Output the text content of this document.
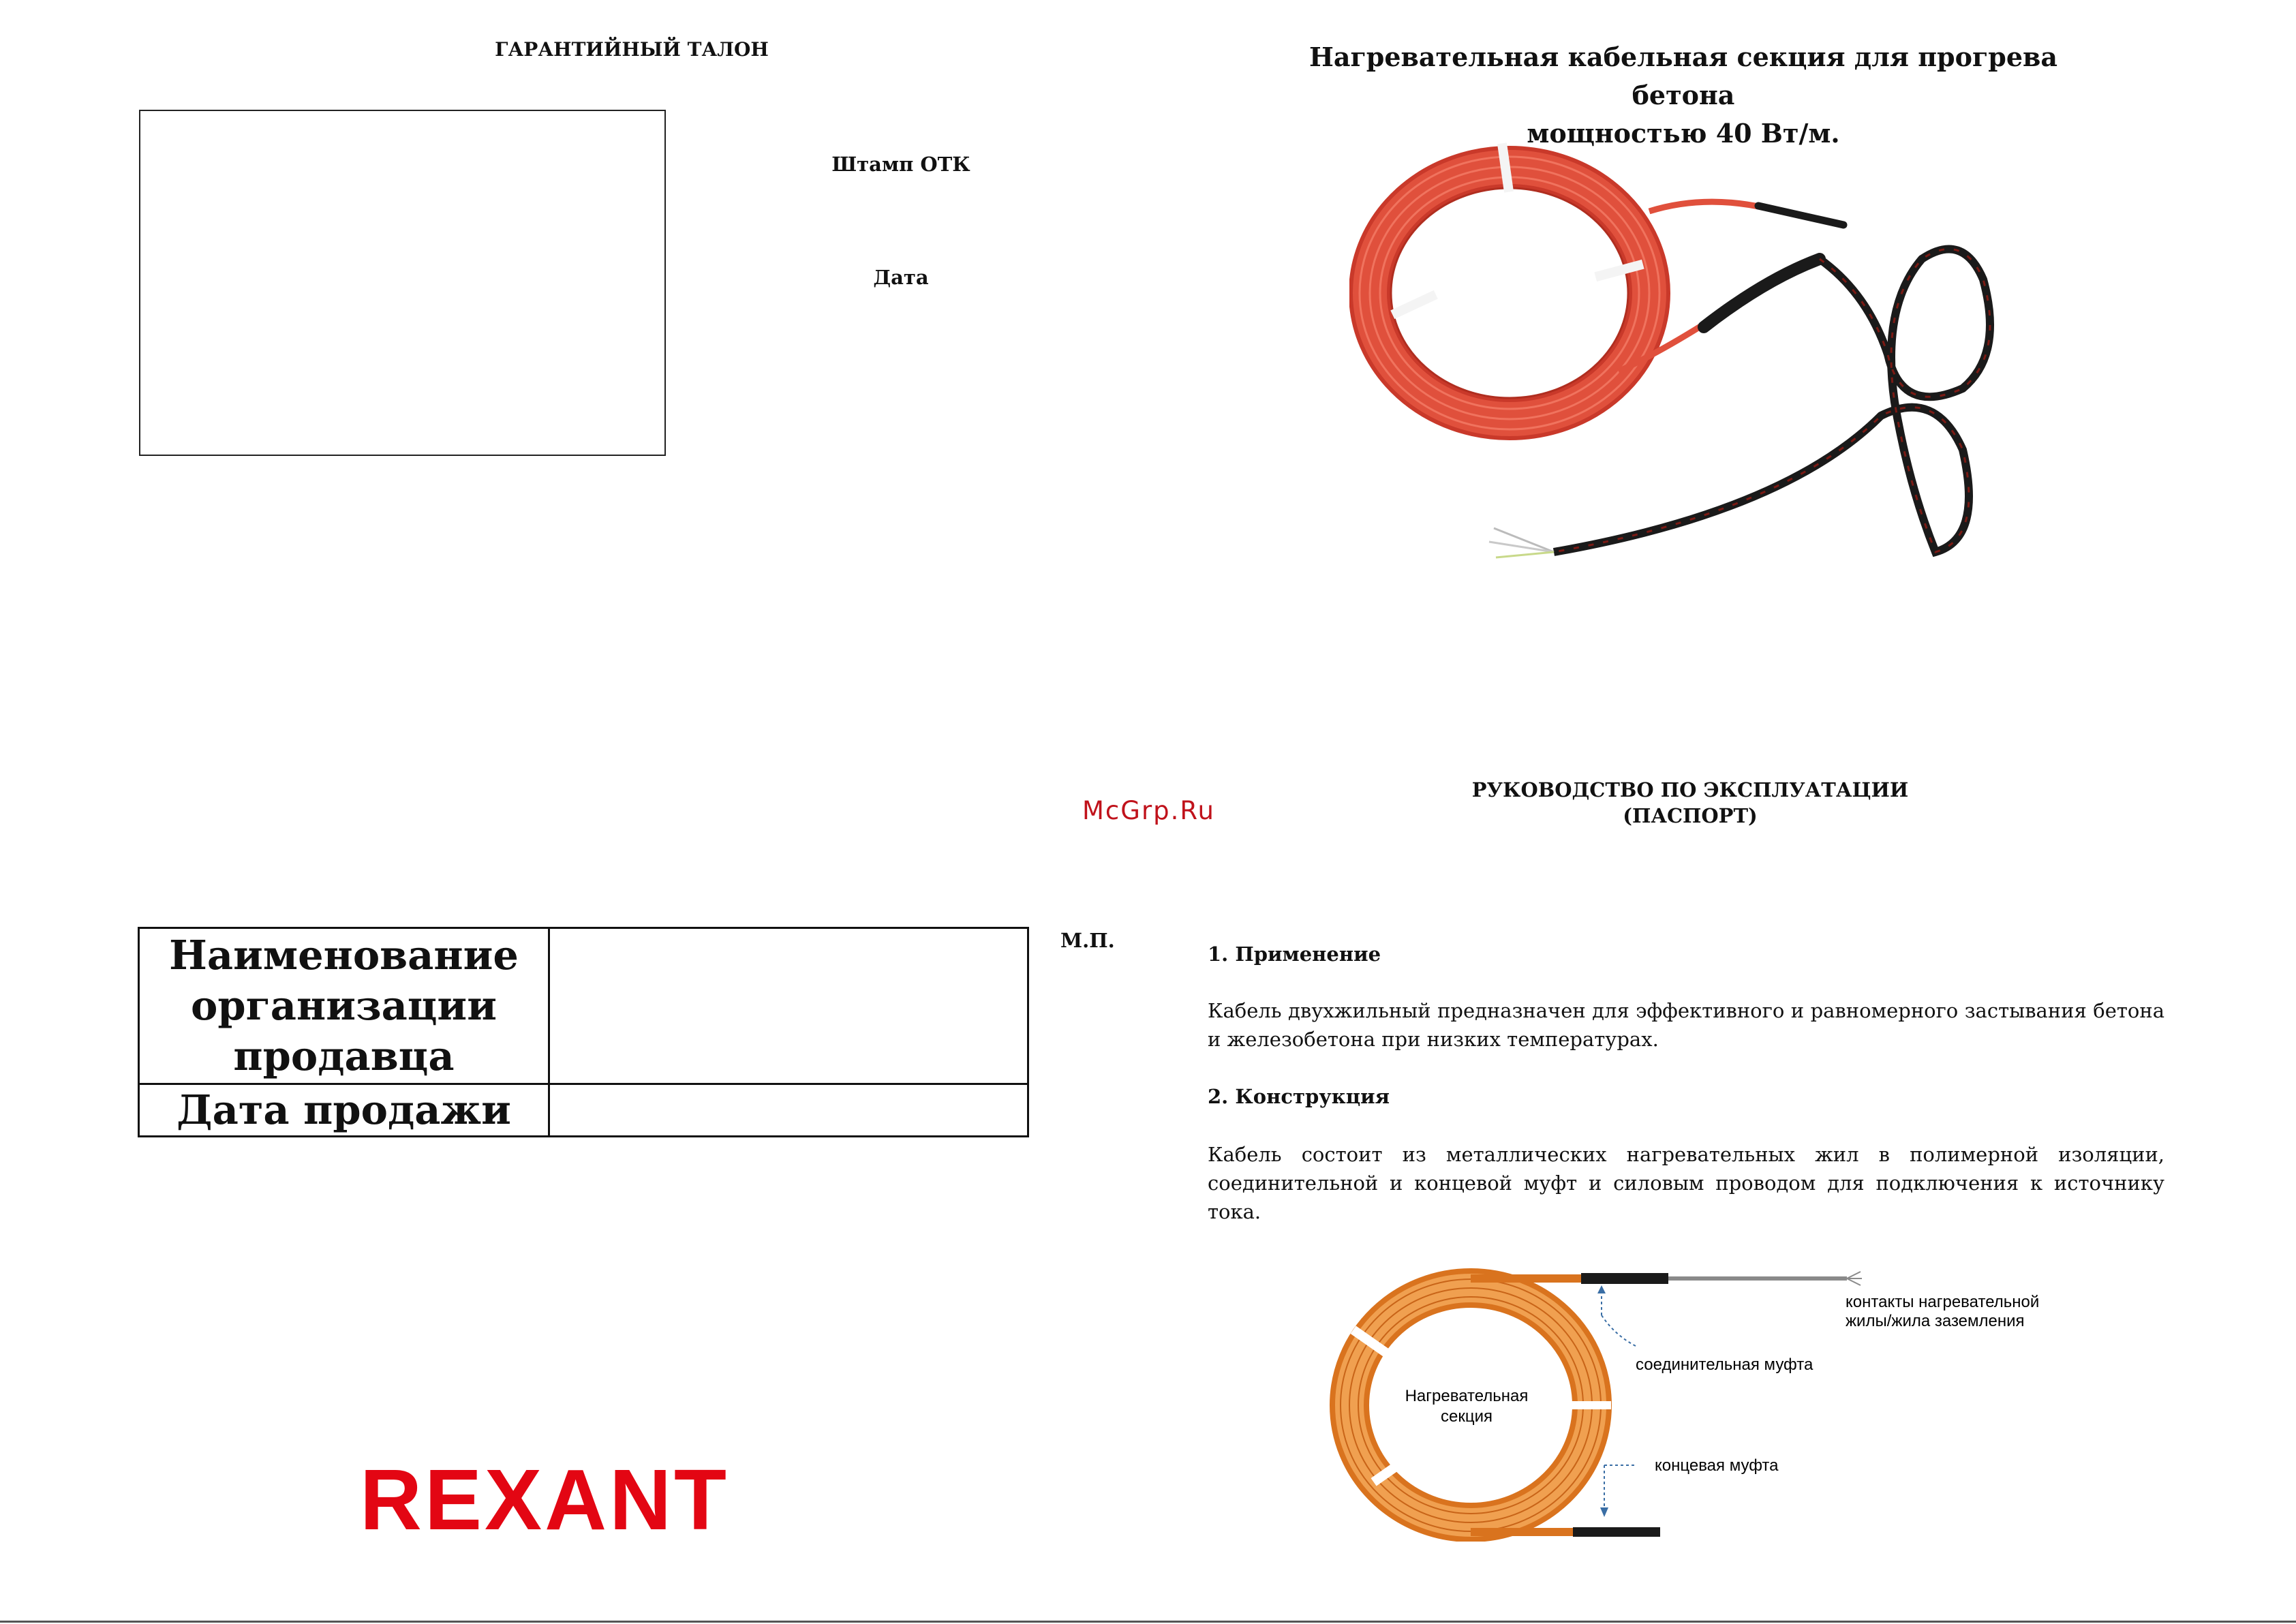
ГАРАНТИЙНЫЙ ТАЛОН
Штамп ОТК
Дата
Наименование организации продавца	
Дата продажи	
М.П.
REXANT
Нагревательная кабельная секция для прогрева бетона
мощностью 40 Вт/м.
McGrp.Ru
РУКОВОДСТВО ПО ЭКСПЛУАТАЦИИ
(ПАСПОРТ)
1. Применение
Кабель двухжильный предназначен для эффективного и равномерного застывания бетона и железобетона при низких температурах.
2. Конструкция
Кабель состоит из металлических нагревательных жил в полимерной изоляции, соединительной и концевой муфт и силовым проводом для подключения к источнику тока.
Нагревательная
секция
контакты нагревательной
жилы/жила заземления
соединительная муфта
концевая муфта
